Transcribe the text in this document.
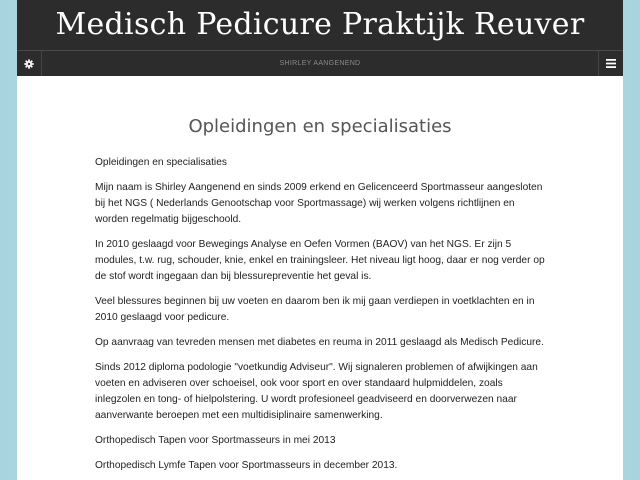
Medisch Pedicure Praktijk Reuver
SHIRLEY AANGENEND
Opleidingen en specialisaties

Opleidingen en specialisaties

Mijn naam is Shirley Aangenend en sinds 2009 erkend en Gelicenceerd Sportmasseur aangesloten bij het NGS ( Nederlands Genootschap voor Sportmassage) wij werken volgens richtlijnen en worden regelmatig bijgeschoold.

In 2010 geslaagd voor Bewegings Analyse en Oefen Vormen (BAOV) van het NGS. Er zijn 5 modules, t.w. rug, schouder, knie, enkel en trainingsleer. Het niveau ligt hoog, daar er nog verder op de stof wordt ingegaan dan bij blessurepreventie het geval is.

Veel blessures beginnen bij uw voeten en daarom ben ik mij gaan verdiepen in voetklachten en in 2010 geslaagd voor pedicure.

Op aanvraag van tevreden mensen met diabetes en reuma in 2011 geslaagd als Medisch Pedicure.

Sinds 2012 diploma podologie "voetkundig Adviseur". Wij signaleren problemen of afwijkingen aan voeten en adviseren over schoeisel, ook voor sport en over standaard hulpmiddelen, zoals inlegzolen en tong- of hielpolstering. U wordt profesioneel geadviseerd en doorverwezen naar aanverwante beroepen met een multidisiplinaire samenwerking.

Orthopedisch Tapen voor Sportmasseurs in mei 2013

Orthopedisch Lymfe Tapen voor Sportmasseurs in december 2013.
